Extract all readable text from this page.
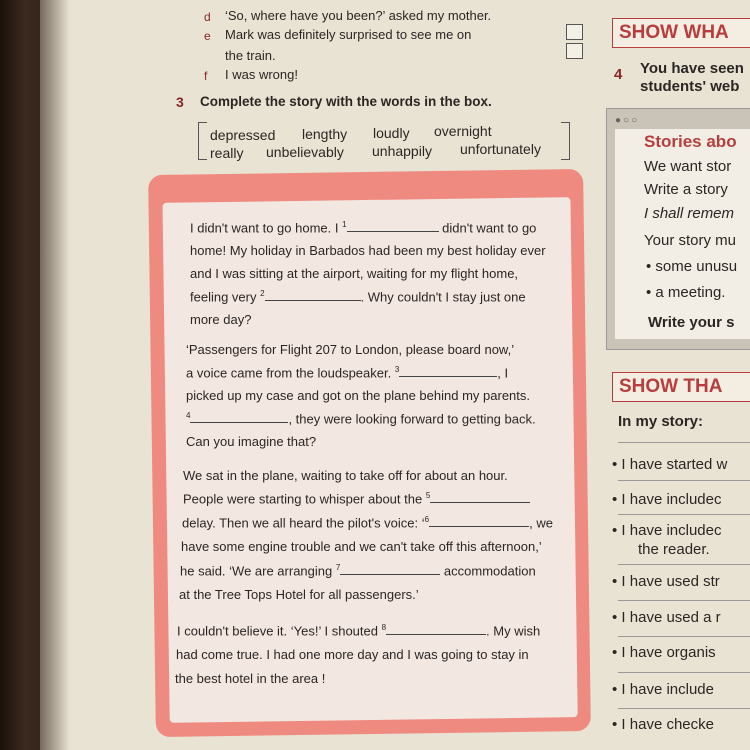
d ‘So, where have you been?’ asked my mother.
e Mark was definitely surprised to see me on
the train.
f I was wrong!
3 Complete the story with the words in the box.
depressed lengthy loudly overnight
really unbelievably unhappily unfortunately
I didn't want to go home. I $^1$	didn't want to go
home! My holiday in Barbados had been my best holiday ever
and I was sitting at the airport, waiting for my flight home,
feeling very $^2$	. Why couldn't I stay just one
more day?
‘Passengers for Flight 207 to London, please board now,’
a voice came from the loudspeaker. $^3$	, I
picked up my case and got on the plane behind my parents.
$^4$	, they were looking forward to getting back.
Can you imagine that?
We sat in the plane, waiting to take off for about an hour.
People were starting to whisper about the $^5$
delay. Then we all heard the pilot's voice: ‘$^6$	, we
have some engine trouble and we can't take off this afternoon,’
he said. ‘We are arranging $^7$	accommodation
at the Tree Tops Hotel for all passengers.’
I couldn't believe it. ‘Yes!’ I shouted $^8$	. My wish
had come true. I had one more day and I was going to stay in
the best hotel in the area !
SHOW WHA
4 You have seen
students' web
●○○
Stories abo
We want stor
Write a story
I shall remem
Your story mu
• some unusu
• a meeting.
Write your s
SHOW THA
In my story:
• I have started w
• I have includec
• I have includec
the reader.
• I have used str
• I have used a r
• I have organis
• I have include
• I have checke
